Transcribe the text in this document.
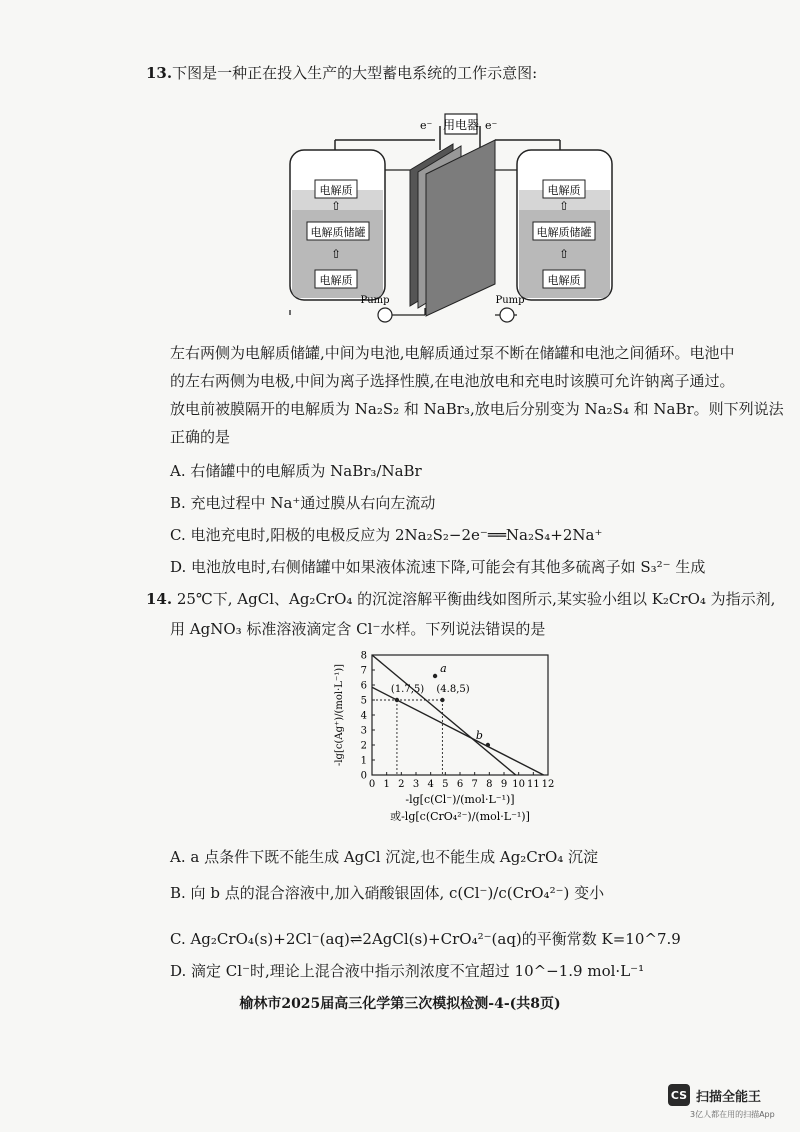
13.下图是一种正在投入生产的大型蓄电系统的工作示意图:
用电器
e⁻	e⁻
电解质
⇧
电解质储罐
⇧
电解质
电解质
⇧
电解质储罐
⇧
电解质
Pump	Pump
左右两侧为电解质储罐,中间为电池,电解质通过泵不断在储罐和电池之间循环。电池中
的左右两侧为电极,中间为离子选择性膜,在电池放电和充电时该膜可允许钠离子通过。
放电前被膜隔开的电解质为 Na₂S₂ 和 NaBr₃,放电后分别变为 Na₂S₄ 和 NaBr。则下列说法
正确的是
A. 右储罐中的电解质为 NaBr₃/NaBr
B. 充电过程中 Na⁺通过膜从右向左流动
C. 电池充电时,阳极的电极反应为 2Na₂S₂−2e⁻══Na₂S₄+2Na⁺
D. 电池放电时,右侧储罐中如果液体流速下降,可能会有其他多硫离子如 S₃²⁻ 生成
14. 25℃下, AgCl、Ag₂CrO₄ 的沉淀溶解平衡曲线如图所示,某实验小组以 K₂CrO₄ 为指示剂,
用 AgNO₃ 标准溶液滴定含 Cl⁻水样。下列说法错误的是
0 1 2 3 4 5 6 7 8 9 10 11 12
0
1
2
3
4
5
6
7
8
(1.7,5) (4.8,5)
a
b
-lg[c(Ag⁺)/(mol·L⁻¹)]
-lg[c(Cl⁻)/(mol·L⁻¹)]
或-lg[c(CrO₄²⁻)/(mol·L⁻¹)]
A. a 点条件下既不能生成 AgCl 沉淀,也不能生成 Ag₂CrO₄ 沉淀
B. 向 b 点的混合溶液中,加入硝酸银固体, c(Cl⁻)/c(CrO₄²⁻) 变小
C. Ag₂CrO₄(s)+2Cl⁻(aq)⇌2AgCl(s)+CrO₄²⁻(aq)的平衡常数 K=10^7.9
D. 滴定 Cl⁻时,理论上混合液中指示剂浓度不宜超过 10^−1.9 mol·L⁻¹
榆林市2025届高三化学第三次模拟检测-4-(共8页)
CS 扫描全能王
3亿人都在用的扫描App
